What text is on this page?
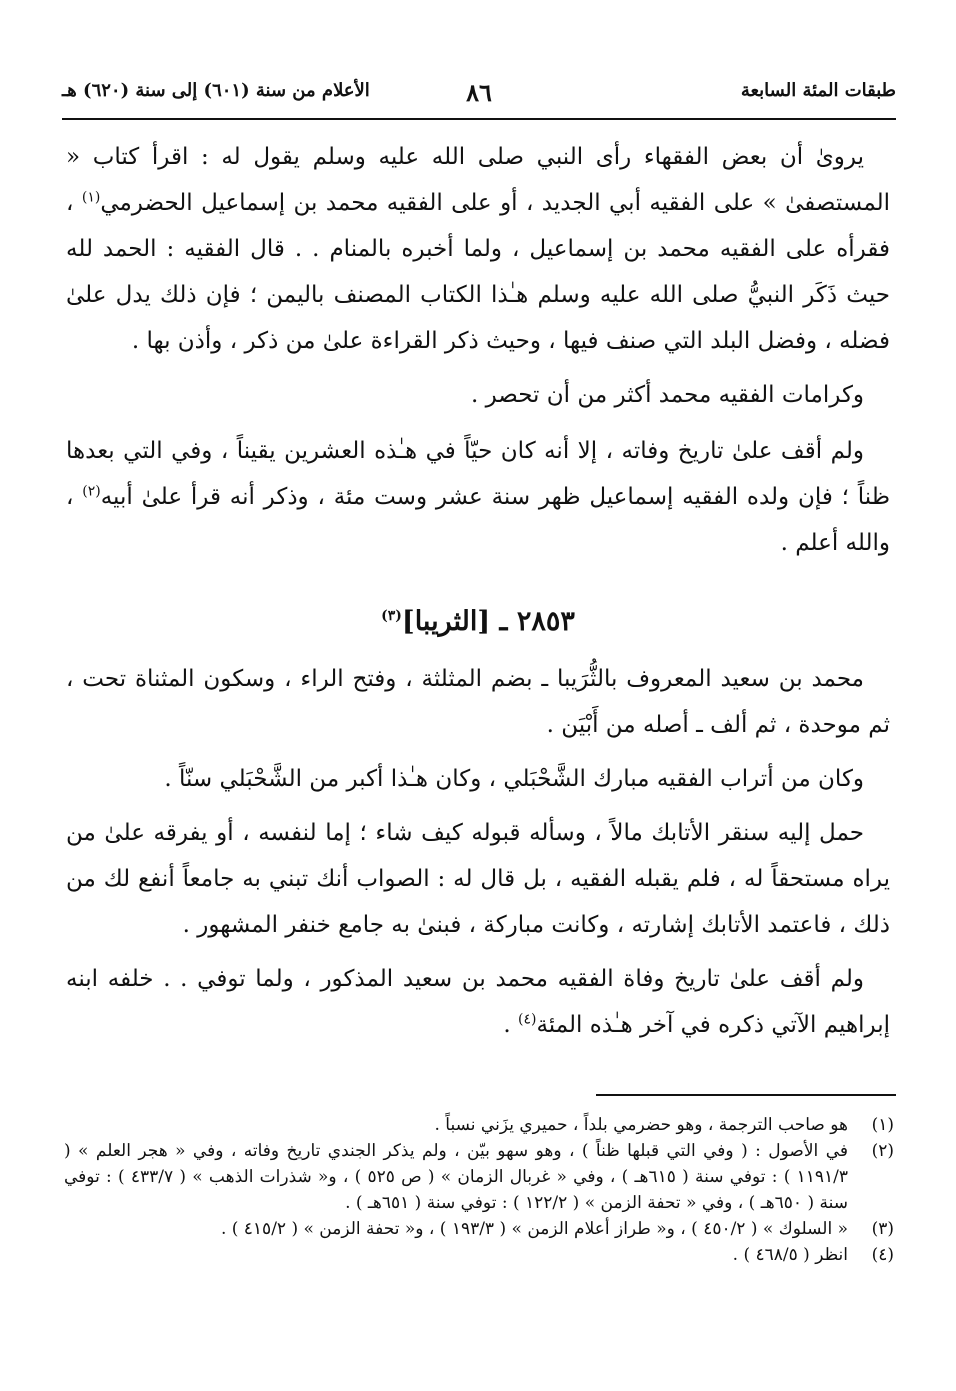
طبقات المئة السابعة
٨٦
الأعلام من سنة (٦٠١) إلى سنة (٦٢٠) هـ

يروىٰ أن بعض الفقهاء رأى النبي صلى الله عليه وسلم يقول له : اقرأ كتاب « المستصفىٰ » على الفقيه أبي الجديد ، أو على الفقيه محمد بن إسماعيل الحضرمي$^{(١)}$ ، فقرأه على الفقيه محمد بن إسماعيل ، ولما أخبره بالمنام . . قال الفقيه : الحمد لله حيث ذَكَر النبيُّ صلى الله عليه وسلم هـٰذا الكتاب المصنف باليمن ؛ فإن ذلك يدل علىٰ فضله ، وفضل البلد التي صنف فيها ، وحيث ذكر القراءة علىٰ من ذكر ، وأذن بها .

وكرامات الفقيه محمد أكثر من أن تحصر .

ولم أقف علىٰ تاريخ وفاته ، إلا أنه كان حيّاً في هـٰذه العشرين يقيناً ، وفي التي بعدها ظناً ؛ فإن ولده الفقيه إسماعيل ظهر سنة عشر وست مئة ، وذكر أنه قرأ علىٰ أبيه$^{(٢)}$ ، والله أعلم .

٢٨٥٣ ـ [الثريبا]$^{(٣)}$

محمد بن سعيد المعروف بالثُّرَيبا ـ بضم المثلثة ، وفتح الراء ، وسكون المثناة تحت ، ثم موحدة ، ثم ألف ـ أصله من أَبْيَن .

وكان من أتراب الفقيه مبارك الشَّحْبَلي ، وكان هـٰذا أكبر من الشَّحْبَلي سنّاً .

حمل إليه سنقر الأتابك مالاً ، وسأله قبوله كيف شاء ؛ إما لنفسه ، أو يفرقه علىٰ من يراه مستحقاً له ، فلم يقبله الفقيه ، بل قال له : الصواب أنك تبني به جامعاً أنفع لك من ذلك ، فاعتمد الأتابك إشارته ، وكانت مباركة ، فبنىٰ به جامع خنفر المشهور .

ولم أقف علىٰ تاريخ وفاة الفقيه محمد بن سعيد المذكور ، ولما توفي . . خلفه ابنه إبراهيم الآتي ذكره في آخر هـٰذه المئة$^{(٤)}$ .

(١)
هو صاحب الترجمة ، وهو حضرمي بلداً ، حميري يزَني نسباً .
(٢)
في الأصول : ( وفي التي قبلها ظناً ) ، وهو سهو بيّن ، ولم يذكر الجندي تاريخ وفاته ، وفي « هجر العلم » ( ١١٩١/٣ ) : توفي سنة ( ٦١٥هـ ) ، وفي « غربال الزمان » ( ص ٥٢٥ ) ، و« شذرات الذهب » ( ٤٣٣/٧ ) : توفي سنة ( ٦٥٠هـ ) ، وفي « تحفة الزمن » ( ١٢٢/٢ ) : توفي سنة ( ٦٥١هـ ) .
(٣)
« السلوك » ( ٤٥٠/٢ ) ، و« طراز أعلام الزمن » ( ١٩٣/٣ ) ، و« تحفة الزمن » ( ٤١٥/٢ ) .
(٤)
انظر ( ٤٦٨/٥ ) .
